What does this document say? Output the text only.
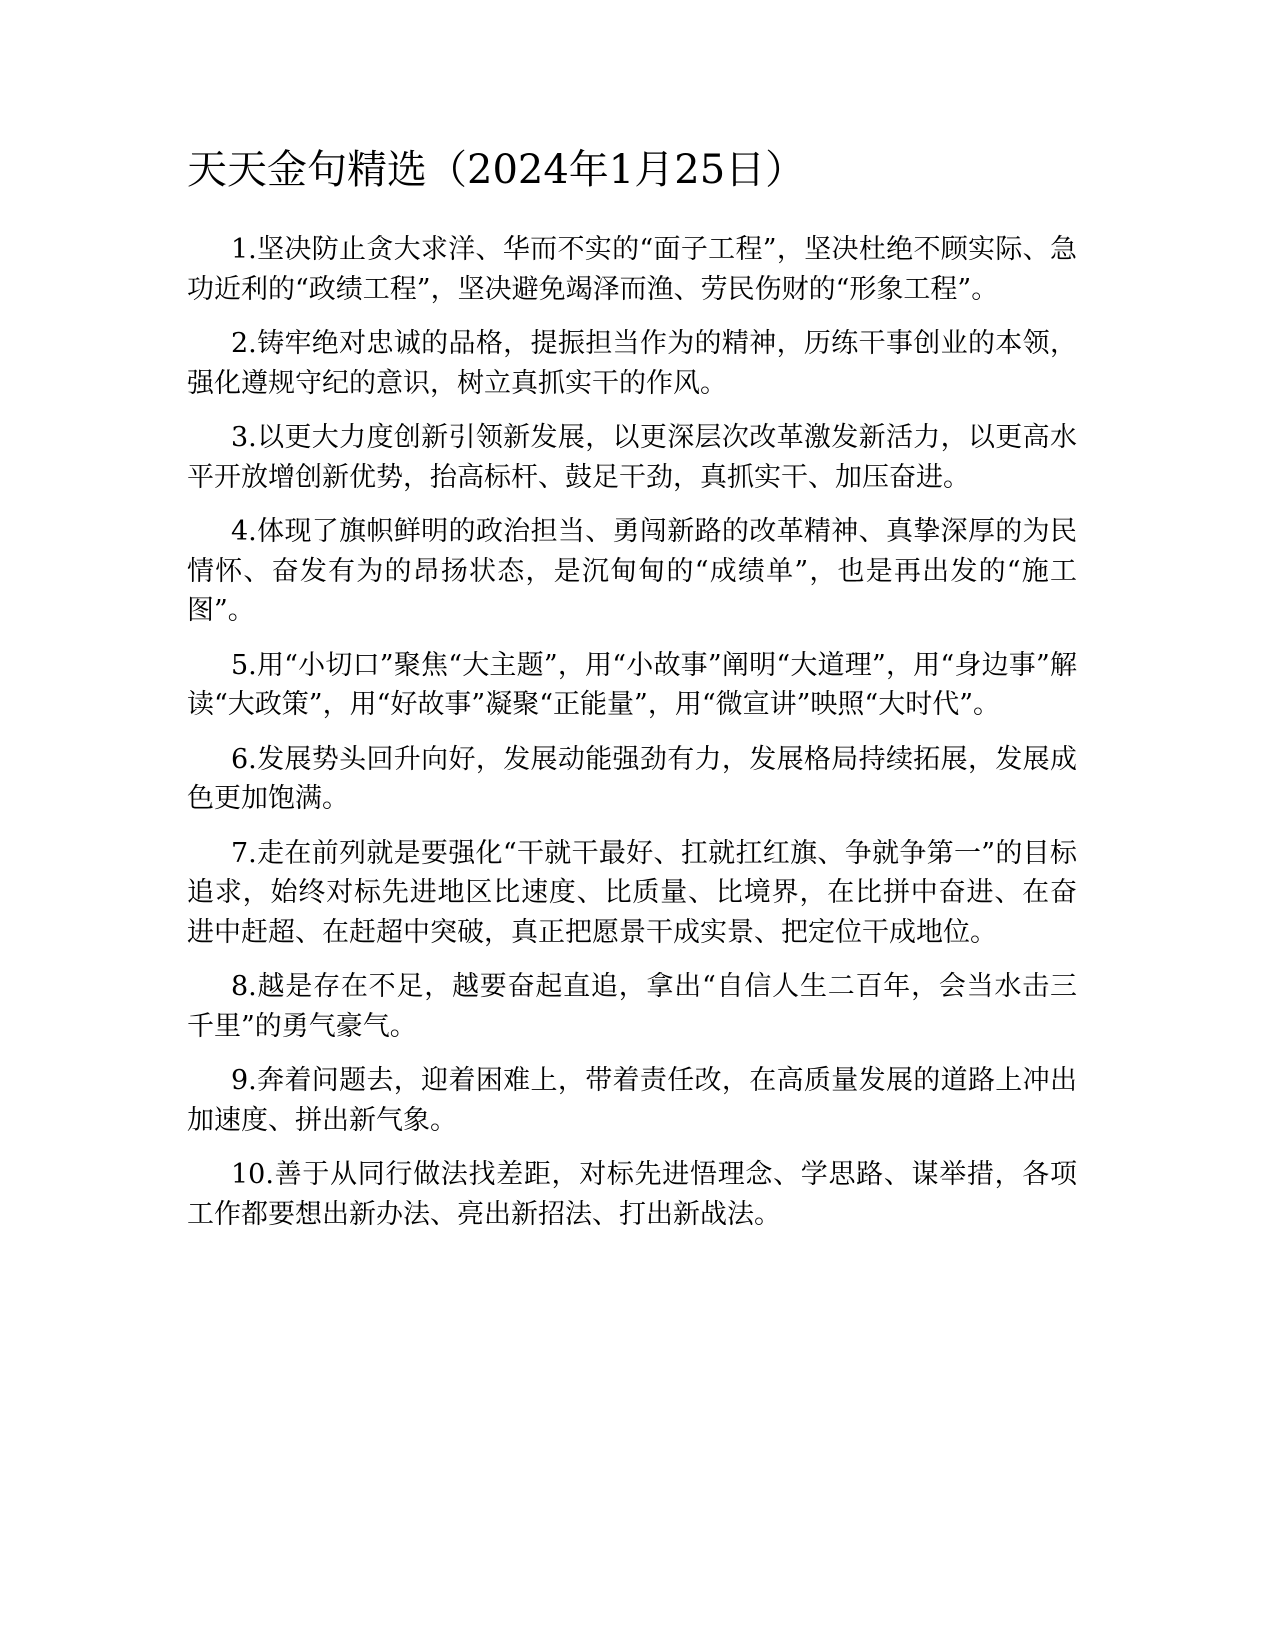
天天金句精选（2024年1月25日）

1.坚决防止贪大求洋、华而不实的“面子工程”，坚决杜绝不顾实际、急功近利的“政绩工程”，坚决避免竭泽而渔、劳民伤财的“形象工程”。

2.铸牢绝对忠诚的品格，提振担当作为的精神，历练干事创业的本领，强化遵规守纪的意识，树立真抓实干的作风。

3.以更大力度创新引领新发展，以更深层次改革激发新活力，以更高水平开放增创新优势，抬高标杆、鼓足干劲，真抓实干、加压奋进。

4.体现了旗帜鲜明的政治担当、勇闯新路的改革精神、真挚深厚的为民情怀、奋发有为的昂扬状态，是沉甸甸的“成绩单”，也是再出发的“施工图”。

5.用“小切口”聚焦“大主题”，用“小故事”阐明“大道理”，用“身边事”解读“大政策”，用“好故事”凝聚“正能量”，用“微宣讲”映照“大时代”。

6.发展势头回升向好，发展动能强劲有力，发展格局持续拓展，发展成色更加饱满。

7.走在前列就是要强化“干就干最好、扛就扛红旗、争就争第一”的目标追求，始终对标先进地区比速度、比质量、比境界，在比拼中奋进、在奋进中赶超、在赶超中突破，真正把愿景干成实景、把定位干成地位。

8.越是存在不足，越要奋起直追，拿出“自信人生二百年，会当水击三千里”的勇气豪气。

9.奔着问题去，迎着困难上，带着责任改，在高质量发展的道路上冲出加速度、拼出新气象。

10.善于从同行做法找差距，对标先进悟理念、学思路、谋举措，各项工作都要想出新办法、亮出新招法、打出新战法。
